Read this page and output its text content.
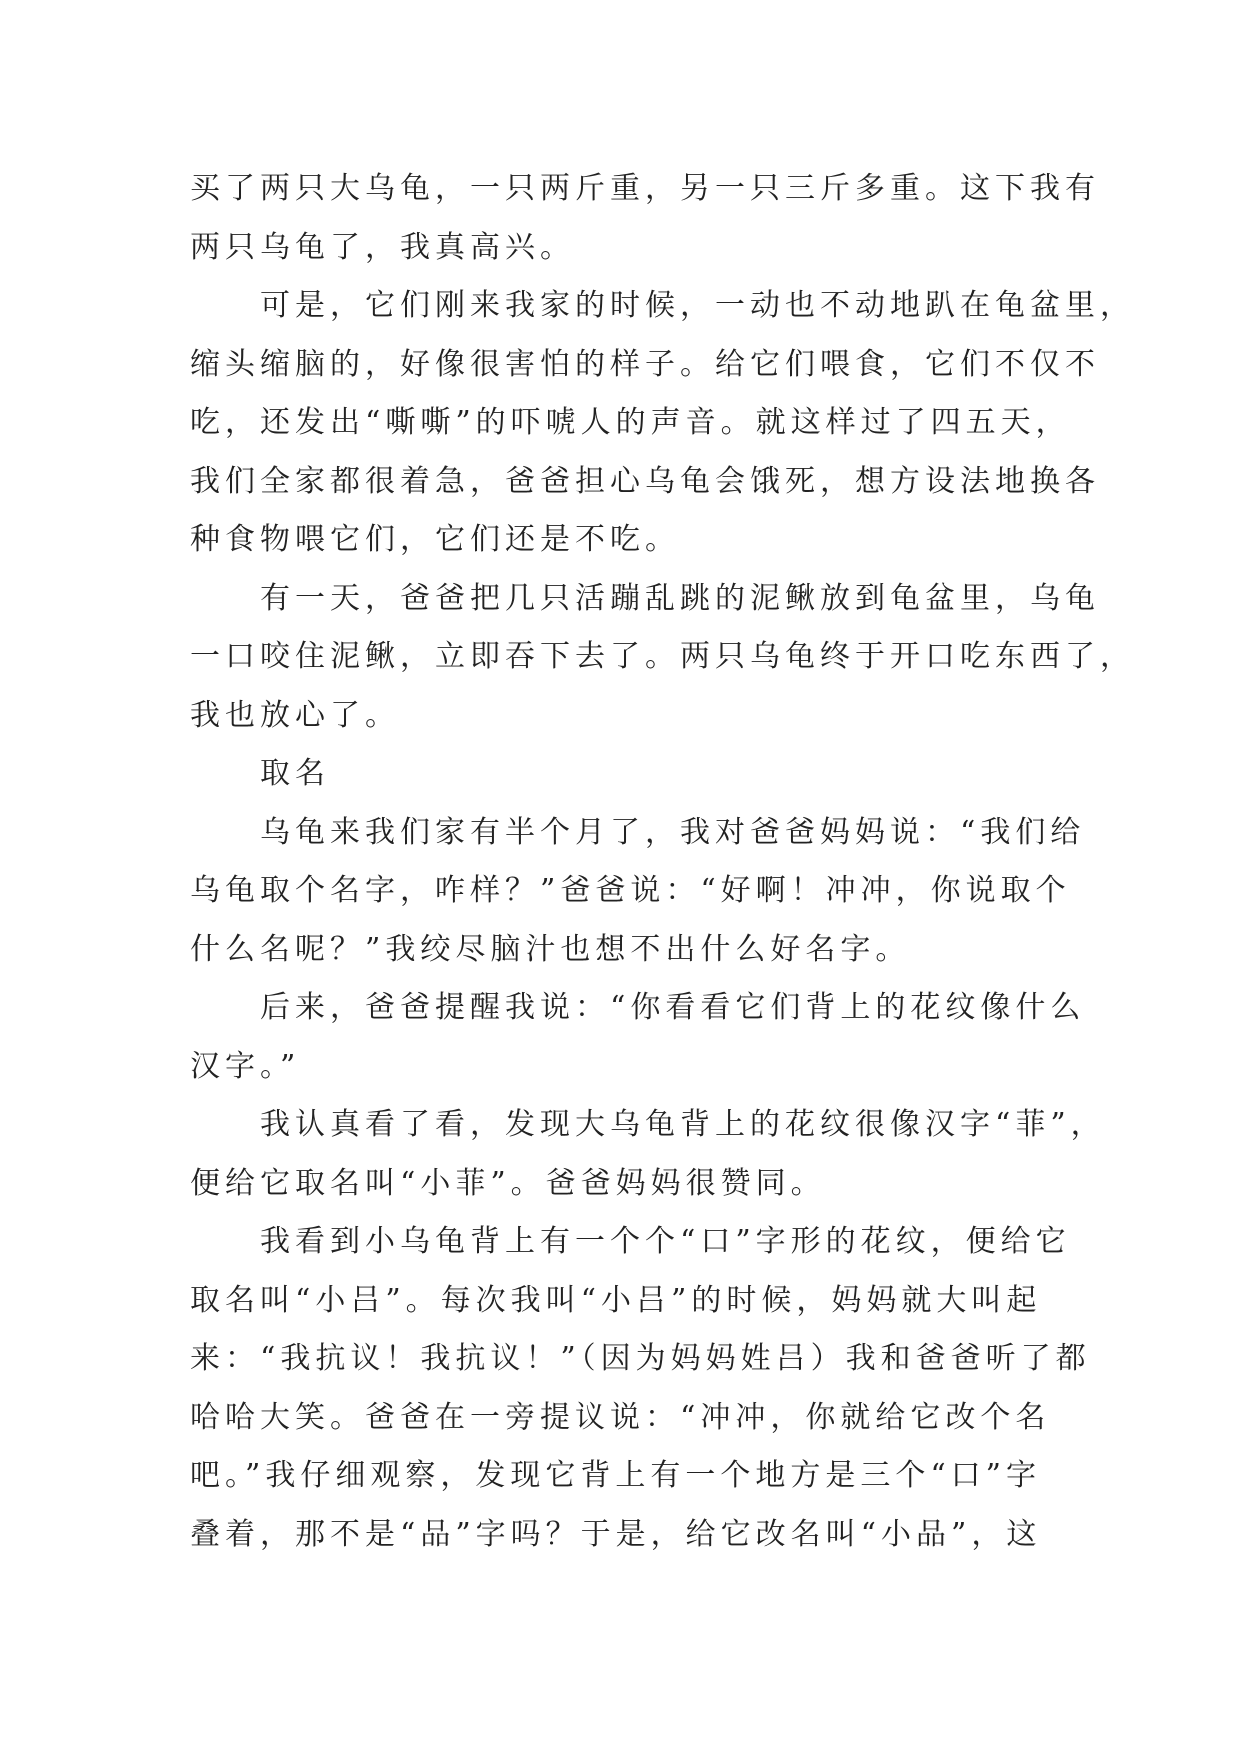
买了两只大乌龟，一只两斤重，另一只三斤多重。这下我有
两只乌龟了，我真高兴。
可是，它们刚来我家的时候，一动也不动地趴在龟盆里，
缩头缩脑的，好像很害怕的样子。给它们喂食，它们不仅不
吃，还发出“嘶嘶”的吓唬人的声音。就这样过了四五天，
我们全家都很着急，爸爸担心乌龟会饿死，想方设法地换各
种食物喂它们，它们还是不吃。
有一天，爸爸把几只活蹦乱跳的泥鳅放到龟盆里，乌龟
一口咬住泥鳅，立即吞下去了。两只乌龟终于开口吃东西了，
我也放心了。
取名
乌龟来我们家有半个月了，我对爸爸妈妈说：“我们给
乌龟取个名字，咋样？”爸爸说：“好啊！冲冲，你说取个
什么名呢？”我绞尽脑汁也想不出什么好名字。
后来，爸爸提醒我说：“你看看它们背上的花纹像什么
汉字。”
我认真看了看，发现大乌龟背上的花纹很像汉字“菲”，
便给它取名叫“小菲”。爸爸妈妈很赞同。
我看到小乌龟背上有一个个“口”字形的花纹，便给它
取名叫“小吕”。每次我叫“小吕”的时候，妈妈就大叫起
来：“我抗议！我抗议！”（因为妈妈姓吕）我和爸爸听了都
哈哈大笑。爸爸在一旁提议说：“冲冲，你就给它改个名
吧。”我仔细观察，发现它背上有一个地方是三个“口”字
叠着，那不是“品”字吗？于是，给它改名叫“小品”，这
